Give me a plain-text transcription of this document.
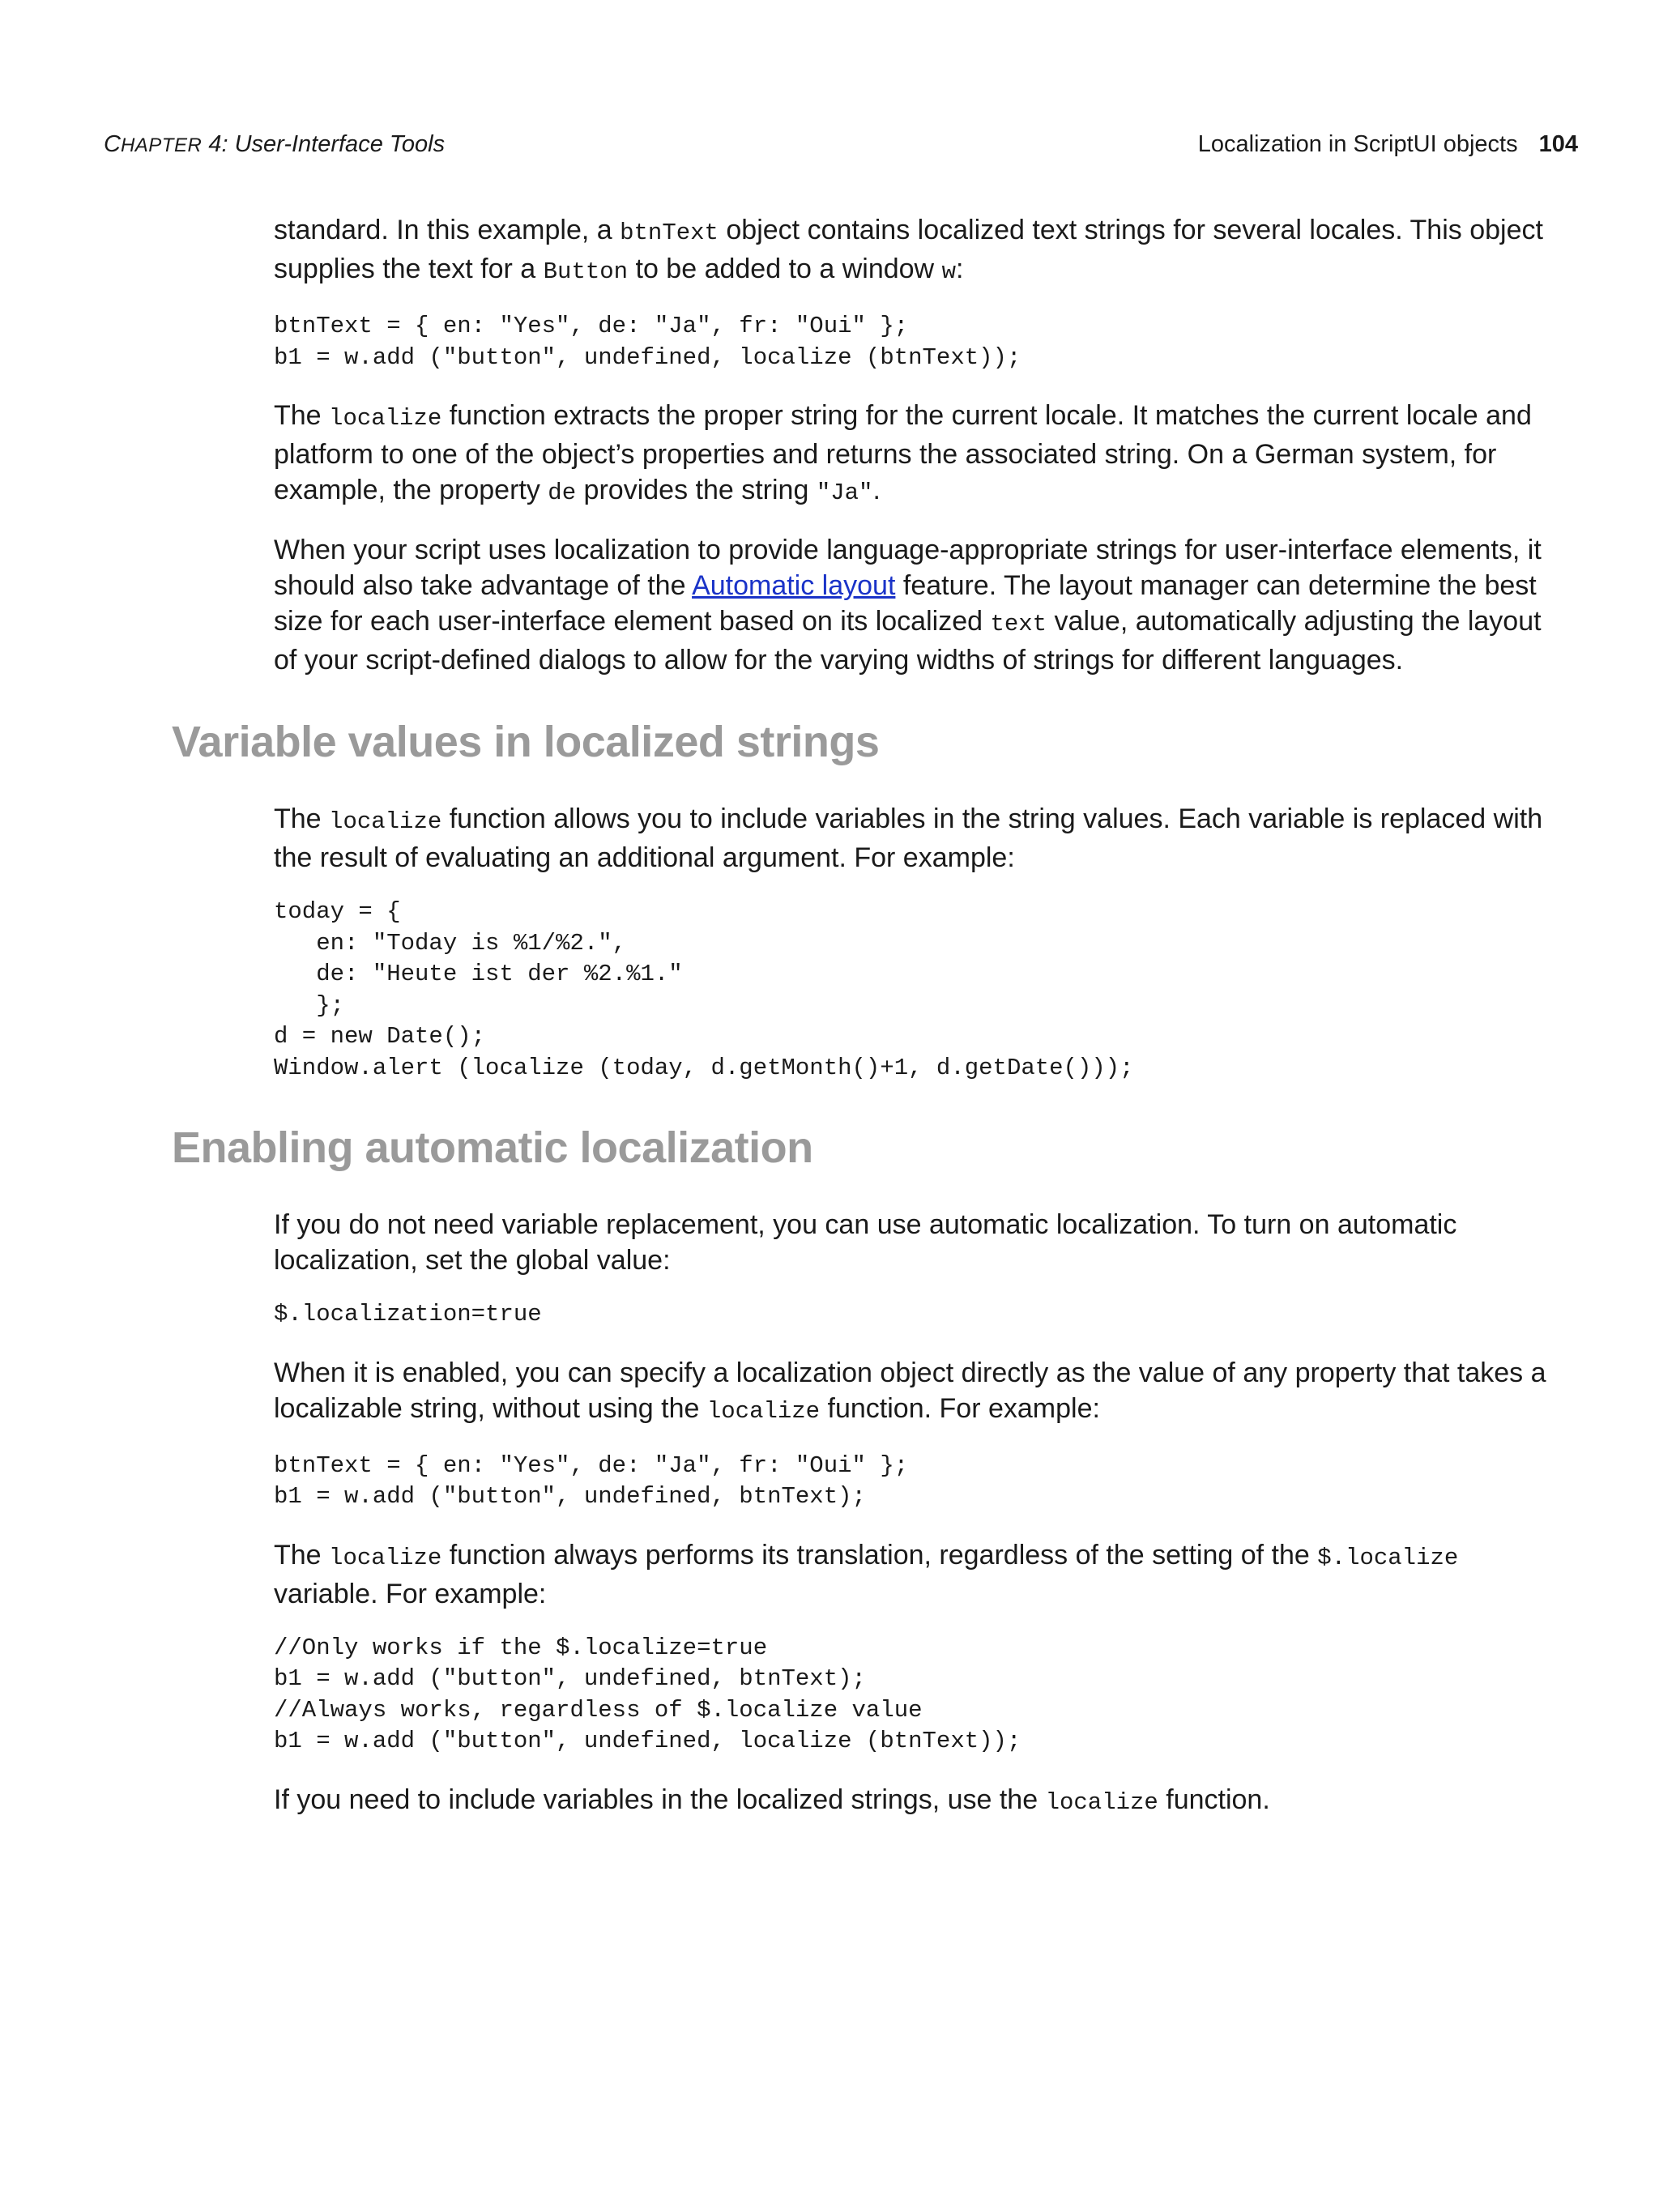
CHAPTER 4: User-Interface Tools	Localization in ScriptUI objects 104

standard. In this example, a btnText object contains localized text strings for several locales. This object supplies the text for a Button to be added to a window w:

btnText = { en: "Yes", de: "Ja", fr: "Oui" };
b1 = w.add ("button", undefined, localize (btnText));

The localize function extracts the proper string for the current locale. It matches the current locale and platform to one of the object’s properties and returns the associated string. On a German system, for example, the property de provides the string "Ja".

When your script uses localization to provide language-appropriate strings for user-interface elements, it should also take advantage of the Automatic layout feature. The layout manager can determine the best size for each user-interface element based on its localized text value, automatically adjusting the layout of your script-defined dialogs to allow for the varying widths of strings for different languages.

Variable values in localized strings

The localize function allows you to include variables in the string values. Each variable is replaced with the result of evaluating an additional argument. For example:

today = {
en: "Today is %1/%2.",
de: "Heute ist der %2.%1."
};
d = new Date();
Window.alert (localize (today, d.getMonth()+1, d.getDate()));
Enabling automatic localization

If you do not need variable replacement, you can use automatic localization. To turn on automatic localization, set the global value:

$.localization=true

When it is enabled, you can specify a localization object directly as the value of any property that takes a localizable string, without using the localize function. For example:

btnText = { en: "Yes", de: "Ja", fr: "Oui" };
b1 = w.add ("button", undefined, btnText);

The localize function always performs its translation, regardless of the setting of the $.localize variable. For example:

//Only works if the $.localize=true
b1 = w.add ("button", undefined, btnText);
//Always works, regardless of $.localize value
b1 = w.add ("button", undefined, localize (btnText));

If you need to include variables in the localized strings, use the localize function.
